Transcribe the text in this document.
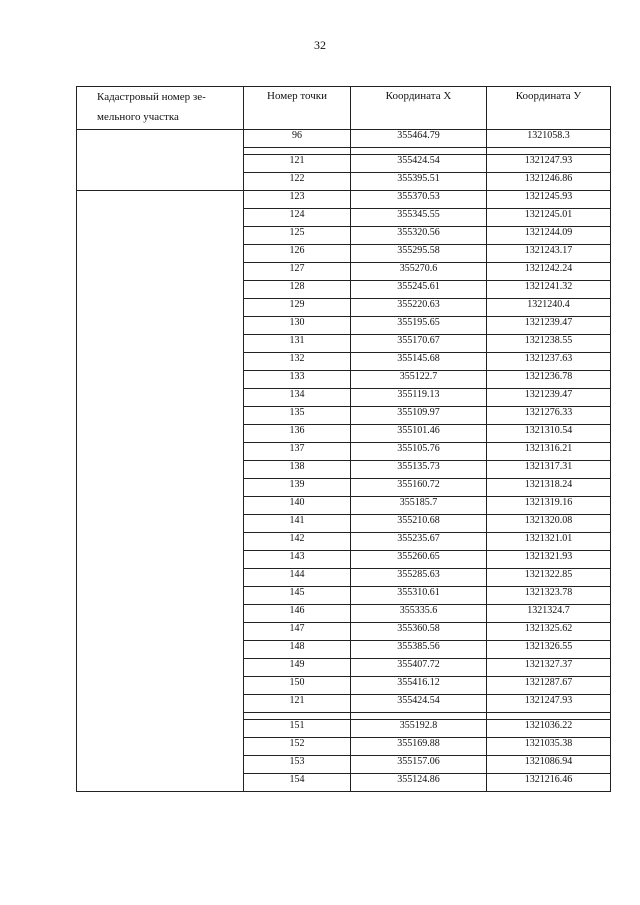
32
Кадастровый номер зе-
мельного участка	Номер точки	Координата X	Координата У

	96	355464.79	1321058.3

	121	355424.54	1321247.93
	122	355395.51	1321246.86
	123	355370.53	1321245.93
	124	355345.55	1321245.01
	125	355320.56	1321244.09
	126	355295.58	1321243.17
	127	355270.6	1321242.24
	128	355245.61	1321241.32
	129	355220.63	1321240.4
	130	355195.65	1321239.47
	131	355170.67	1321238.55
	132	355145.68	1321237.63
	133	355122.7	1321236.78
	134	355119.13	1321239.47
	135	355109.97	1321276.33
	136	355101.46	1321310.54
	137	355105.76	1321316.21
	138	355135.73	1321317.31
	139	355160.72	1321318.24
	140	355185.7	1321319.16
	141	355210.68	1321320.08
	142	355235.67	1321321.01
	143	355260.65	1321321.93
	144	355285.63	1321322.85
	145	355310.61	1321323.78
	146	355335.6	1321324.7
	147	355360.58	1321325.62
	148	355385.56	1321326.55
	149	355407.72	1321327.37
	150	355416.12	1321287.67
	121	355424.54	1321247.93

	151	355192.8	1321036.22
	152	355169.88	1321035.38
	153	355157.06	1321086.94
	154	355124.86	1321216.46
